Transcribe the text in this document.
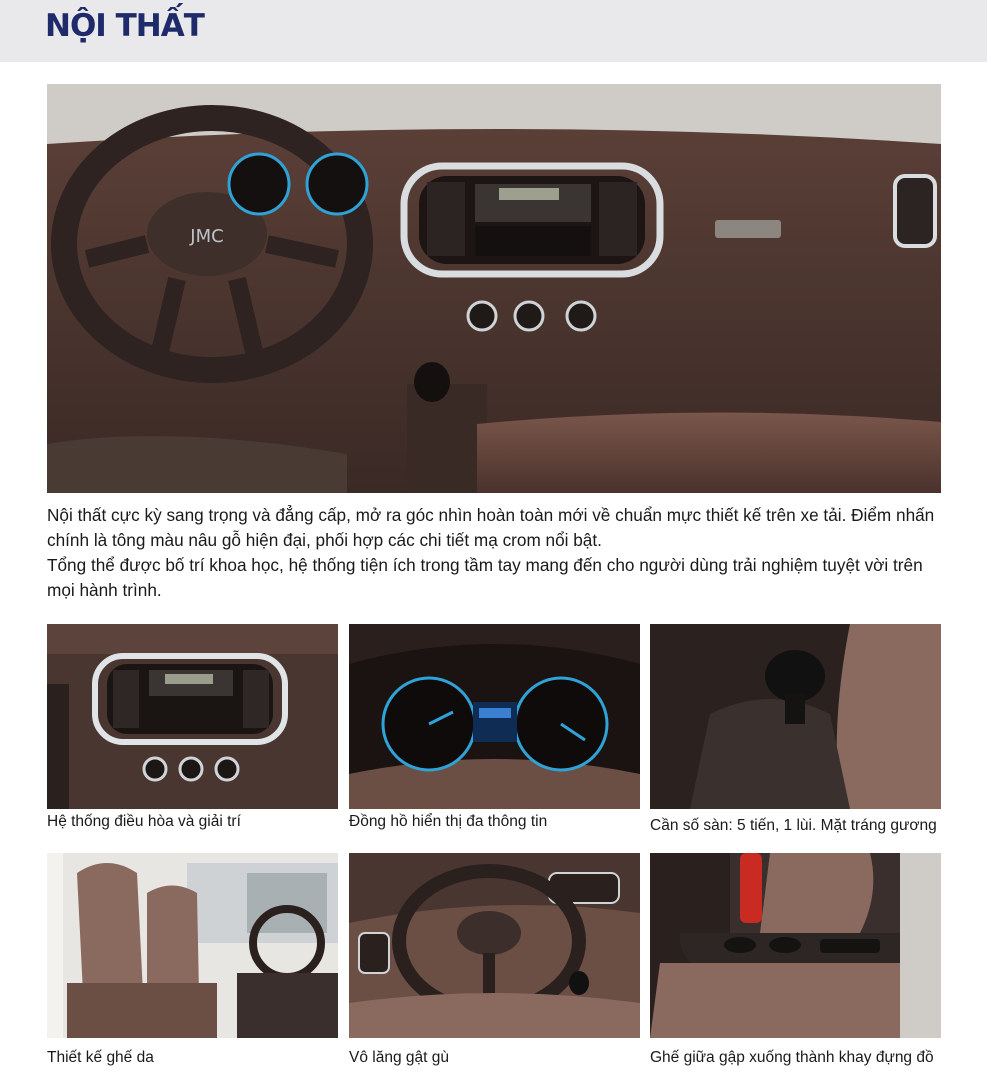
NỘI THẤT
JMC

Nội thất cực kỳ sang trọng và đẳng cấp, mở ra góc nhìn hoàn toàn mới về chuẩn mực thiết kế trên xe tải. Điểm nhấn chính là tông màu nâu gỗ hiện đại, phối hợp các chi tiết mạ crom nổi bật.

Tổng thể được bố trí khoa học, hệ thống tiện ích trong tầm tay mang đến cho người dùng trải nghiệm tuyệt vời trên mọi hành trình.

Hệ thống điều hòa và giải trí	Đồng hồ hiển thị đa thông tin	Cần số sàn: 5 tiến, 1 lùi. Mặt tráng gương
Thiết kế ghế da	Vô lăng gật gù	Ghế giữa gập xuống thành khay đựng đồ
